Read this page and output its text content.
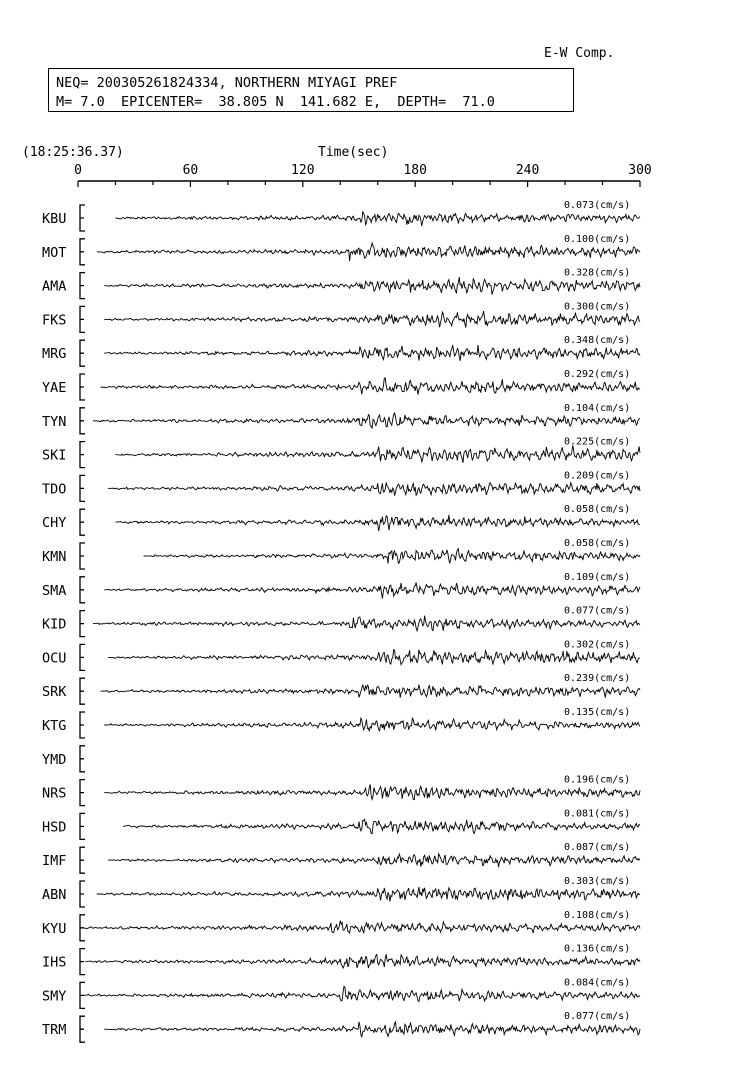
E-W Comp.
NEQ= 200305261824334, NORTHERN MIYAGI PREF
M= 7.0  EPICENTER=  38.805 N  141.682 E,  DEPTH=  71.0
(18:25:36.37)	Time(sec)
0	60	120	180	240	300
KBU
0.073(cm/s)
MOT
0.100(cm/s)
AMA
0.328(cm/s)
FKS
0.300(cm/s)
MRG
0.348(cm/s)
YAE
0.292(cm/s)
TYN
0.104(cm/s)
SKI
0.225(cm/s)
TDO
0.209(cm/s)
CHY
0.058(cm/s)
KMN
0.058(cm/s)
SMA
0.109(cm/s)
KID
0.077(cm/s)
OCU
0.302(cm/s)
SRK
0.239(cm/s)
KTG
0.135(cm/s)
YMD
NRS
0.196(cm/s)
HSD
0.081(cm/s)
IMF
0.087(cm/s)
ABN
0.303(cm/s)
KYU
0.108(cm/s)
IHS
0.136(cm/s)
SMY
0.084(cm/s)
TRM
0.077(cm/s)
